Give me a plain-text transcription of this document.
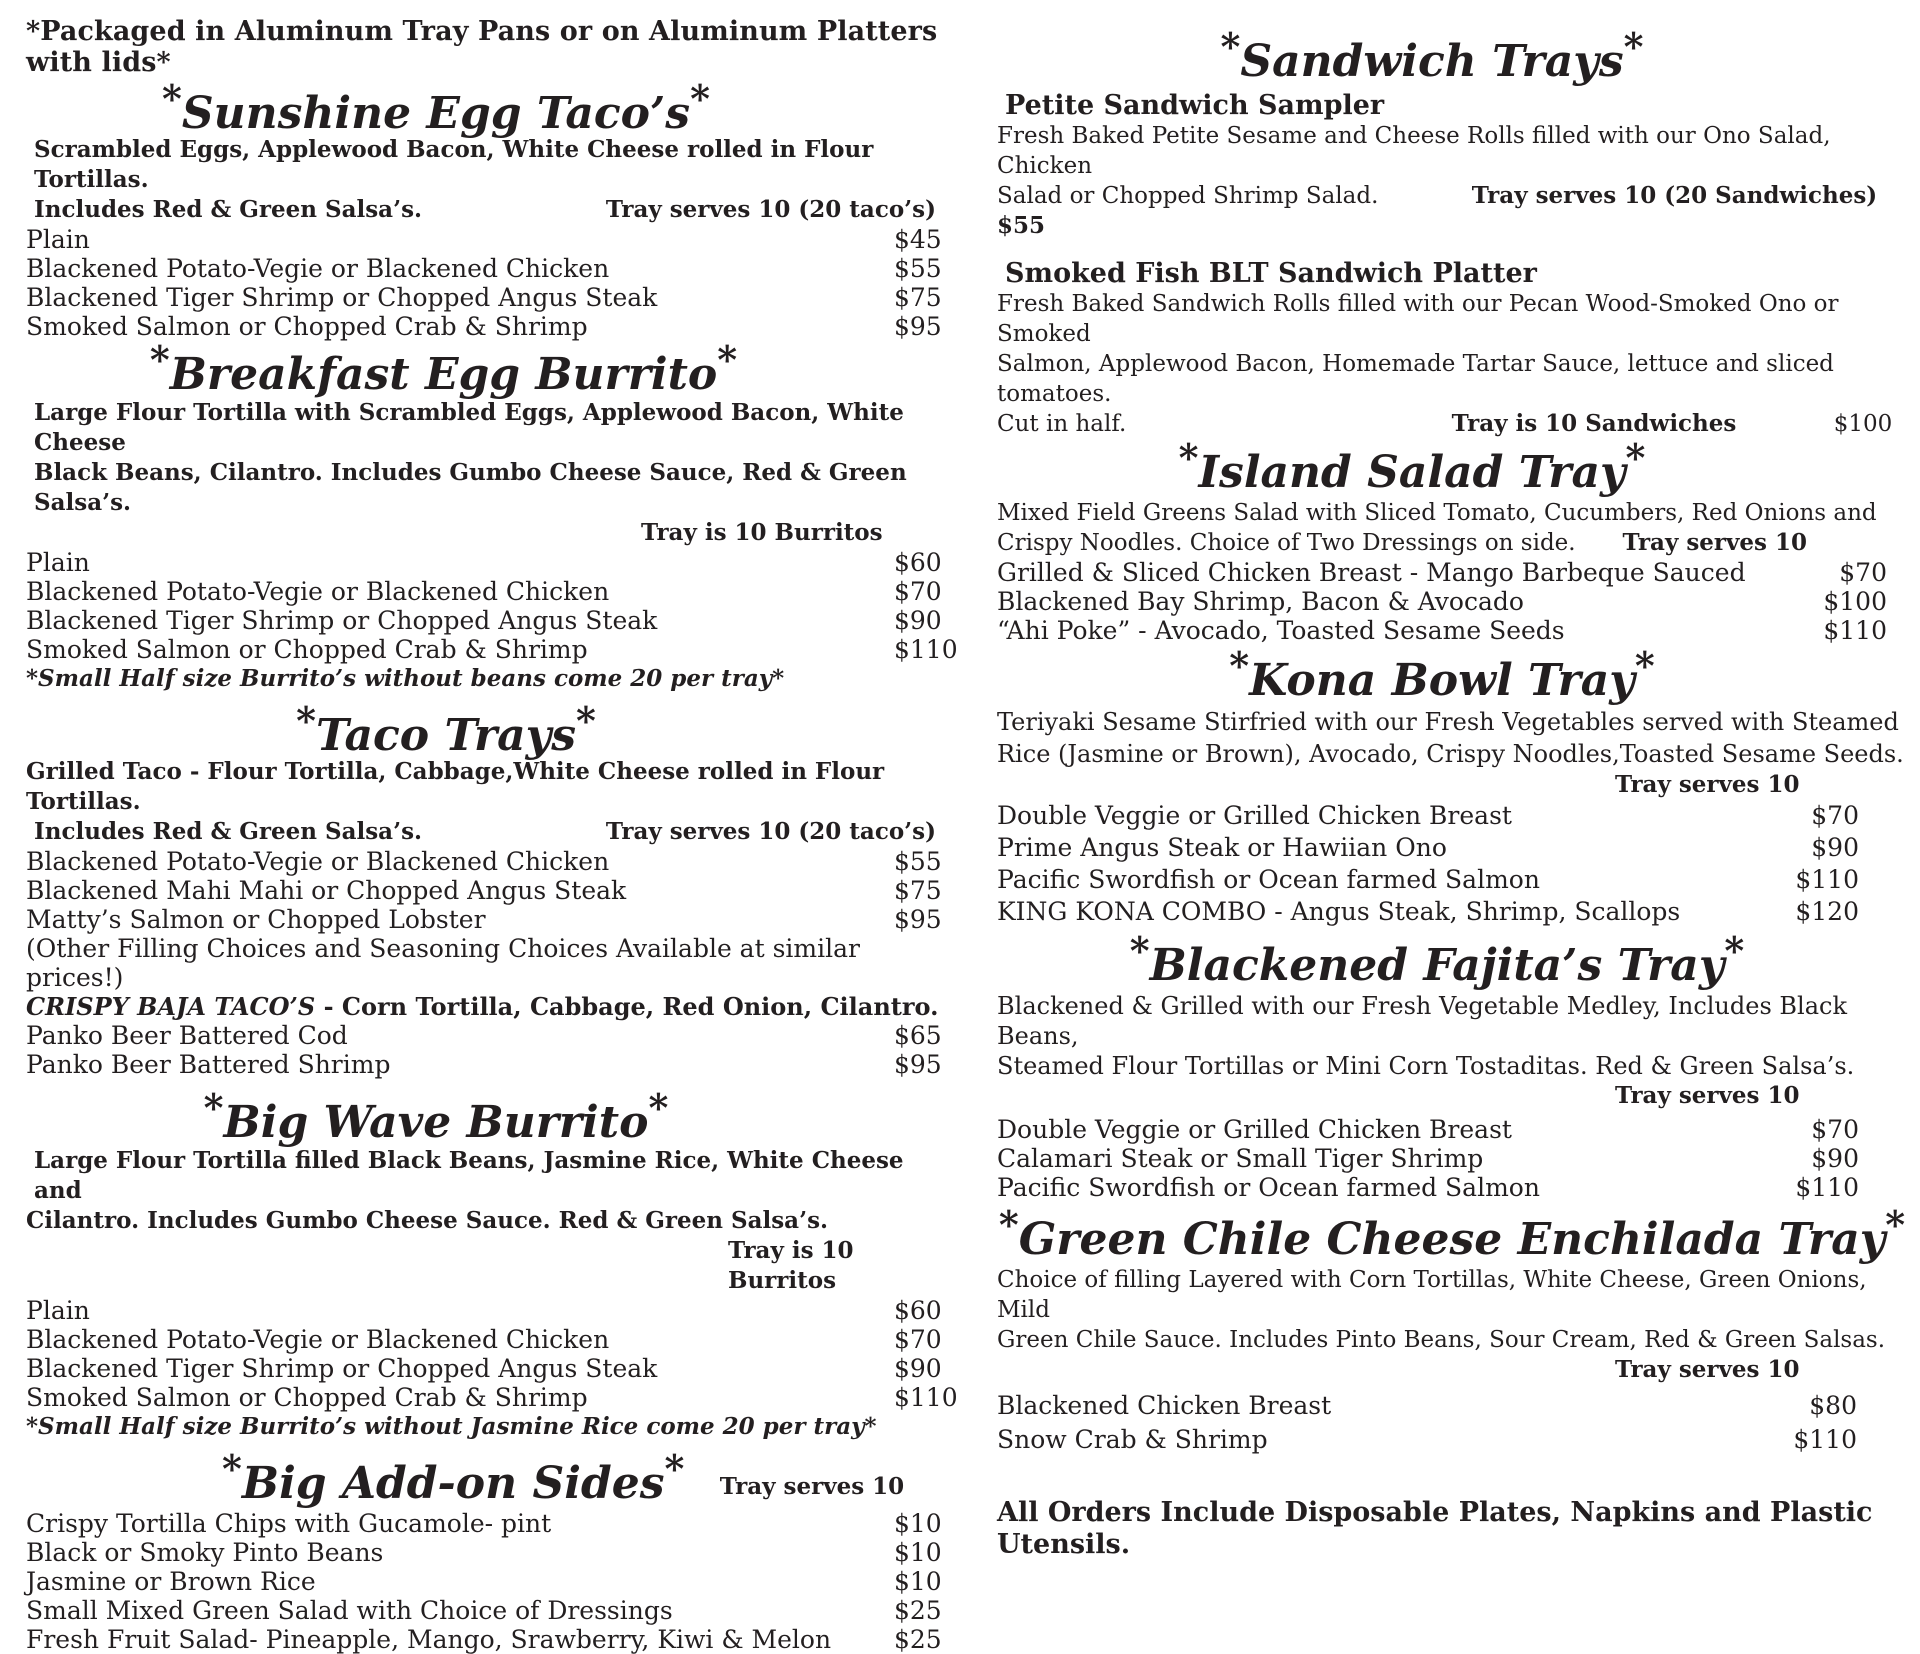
*Packaged in Aluminum Tray Pans or on Aluminum Platters with lids*
*Sunshine Egg Taco’s*
Scrambled Eggs, Applewood Bacon, White Cheese rolled in Flour Tortillas.
Includes Red & Green Salsa’s.	Tray serves 10 (20 taco’s)
Plain	$45
Blackened Potato-Vegie or Blackened Chicken	$55
Blackened Tiger Shrimp or Chopped Angus Steak	$75
Smoked Salmon or Chopped Crab & Shrimp	$95
*Breakfast Egg Burrito*
Large Flour Tortilla with Scrambled Eggs, Applewood Bacon, White Cheese
Black Beans, Cilantro. Includes Gumbo Cheese Sauce, Red & Green Salsa’s.
Tray is 10 Burritos
Plain	$60
Blackened Potato-Vegie or Blackened Chicken	$70
Blackened Tiger Shrimp or Chopped Angus Steak	$90
Smoked Salmon or Chopped Crab & Shrimp	$110
*Small Half size Burrito’s without beans come 20 per tray*
*Taco Trays*
Grilled Taco - Flour Tortilla, Cabbage,White Cheese rolled in Flour Tortillas.
Includes Red & Green Salsa’s.	Tray serves 10 (20 taco’s)
Blackened Potato-Vegie or Blackened Chicken	$55
Blackened Mahi Mahi or Chopped Angus Steak	$75
Matty’s Salmon or Chopped Lobster	$95
(Other Filling Choices and Seasoning Choices Available at similar prices!)
CRISPY BAJA TACO’S - Corn Tortilla, Cabbage, Red Onion, Cilantro.
Panko Beer Battered Cod	$65
Panko Beer Battered Shrimp	$95
*Big Wave Burrito*
Large Flour Tortilla filled Black Beans, Jasmine Rice, White Cheese and
Cilantro. Includes Gumbo Cheese Sauce. Red & Green Salsa’s.
Tray is 10 Burritos
Plain	$60
Blackened Potato-Vegie or Blackened Chicken	$70
Blackened Tiger Shrimp or Chopped Angus Steak	$90
Smoked Salmon or Chopped Crab & Shrimp	$110
*Small Half size Burrito’s without Jasmine Rice come 20 per tray*
*Big Add-on Sides* Tray serves 10
Crispy Tortilla Chips with Gucamole- pint	$10
Black or Smoky Pinto Beans	$10
Jasmine or Brown Rice	$10
Small Mixed Green Salad with Choice of Dressings	$25
Fresh Fruit Salad- Pineapple, Mango, Srawberry, Kiwi & Melon	$25
*Sandwich Trays*
Petite Sandwich Sampler
Fresh Baked Petite Sesame and Cheese Rolls filled with our Ono Salad, Chicken
Salad or Chopped Shrimp Salad.	Tray serves 10 (20 Sandwiches) $55
Smoked Fish BLT Sandwich Platter
Fresh Baked Sandwich Rolls filled with our Pecan Wood-Smoked Ono or Smoked
Salmon, Applewood Bacon, Homemade Tartar Sauce, lettuce and sliced tomatoes.
Cut in half.	Tray is 10 Sandwiches	$100
*Island Salad Tray*
Mixed Field Greens Salad with Sliced Tomato, Cucumbers, Red Onions and
Crispy Noodles. Choice of Two Dressings on side. Tray serves 10
Grilled & Sliced Chicken Breast - Mango Barbeque Sauced	$70
Blackened Bay Shrimp, Bacon & Avocado	$100
“Ahi Poke” - Avocado, Toasted Sesame Seeds	$110
*Kona Bowl Tray*
Teriyaki Sesame Stirfried with our Fresh Vegetables served with Steamed
Rice (Jasmine or Brown), Avocado, Crispy Noodles,Toasted Sesame Seeds.
Tray serves 10
Double Veggie or Grilled Chicken Breast	$70
Prime Angus Steak or Hawiian Ono	$90
Pacific Swordfish or Ocean farmed Salmon	$110
KING KONA COMBO - Angus Steak, Shrimp, Scallops	$120
*Blackened Fajita’s Tray*
Blackened & Grilled with our Fresh Vegetable Medley, Includes Black Beans,
Steamed Flour Tortillas or Mini Corn Tostaditas. Red & Green Salsa’s.
Tray serves 10
Double Veggie or Grilled Chicken Breast	$70
Calamari Steak or Small Tiger Shrimp	$90
Pacific Swordfish or Ocean farmed Salmon	$110
*Green Chile Cheese Enchilada Tray*
Choice of filling Layered with Corn Tortillas, White Cheese, Green Onions, Mild
Green Chile Sauce. Includes Pinto Beans, Sour Cream, Red & Green Salsas.
Tray serves 10
Blackened Chicken Breast	$80
Snow Crab & Shrimp	$110
All Orders Include Disposable Plates, Napkins and Plastic Utensils.
